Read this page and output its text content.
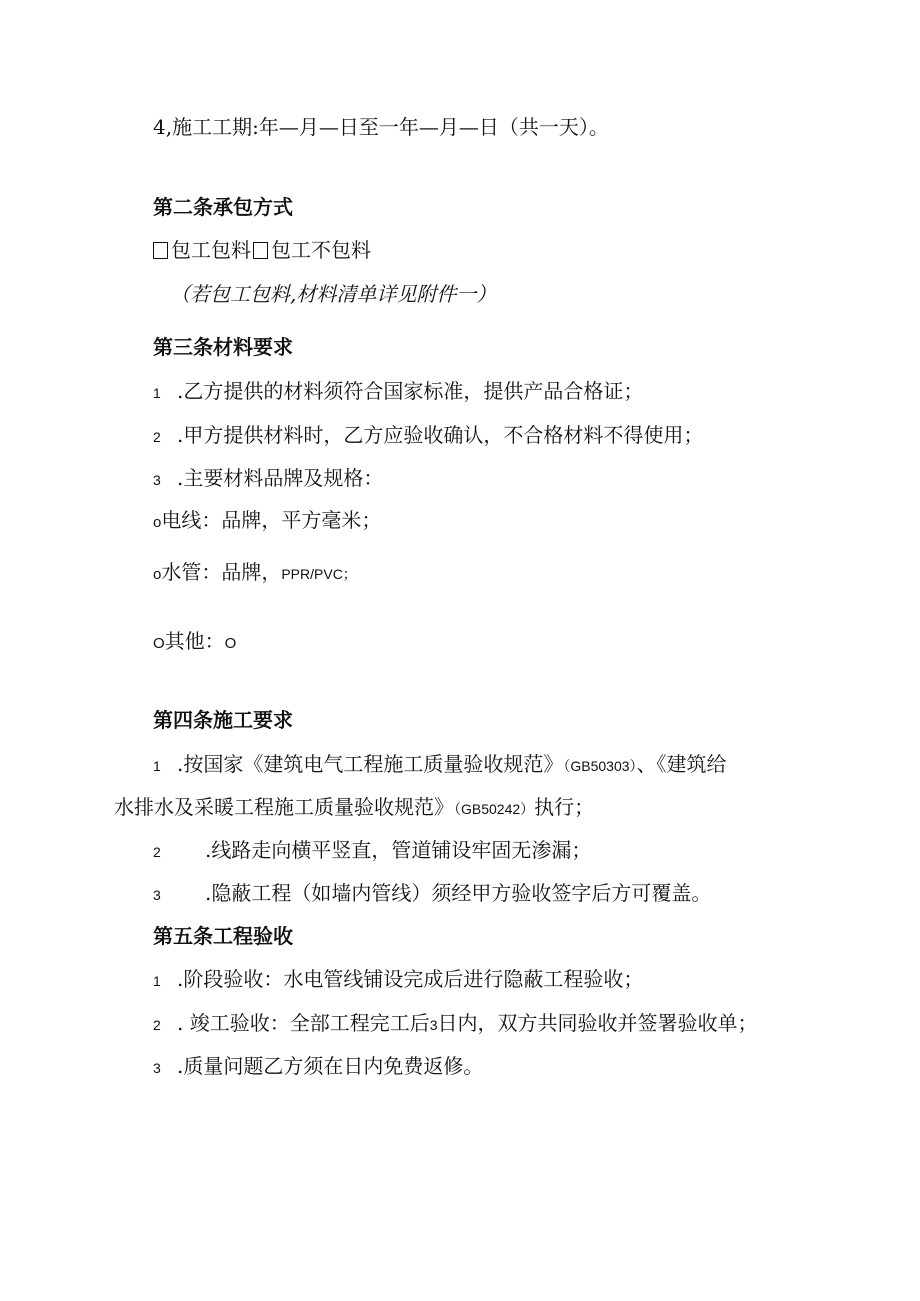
4,施工工期:年—月—日至一年—月—日（共一天）。
第二条承包方式
包工包料 包工不包料
（若包工包料,材料清单详见附件一）
第三条材料要求
1 .乙方提供的材料须符合国家标准，提供产品合格证；
2 .甲方提供材料时，乙方应验收确认，不合格材料不得使用；
3 .主要材料品牌及规格：
o电线：品牌，平方毫米；
o水管：品牌，PPR/PVC；
O其他：O
第四条施工要求
1 .按国家《建筑电气工程施工质量验收规范》（GB50303）、《建筑给
水排水及采暖工程施工质量验收规范》（GB50242）执行；
2 .线路走向横平竖直，管道铺设牢固无渗漏；
3 .隐蔽工程（如墙内管线）须经甲方验收签字后方可覆盖。
第五条工程验收
1 .阶段验收：水电管线铺设完成后进行隐蔽工程验收；
2 . 竣工验收：全部工程完工后3日内，双方共同验收并签署验收单；
3 .质量问题乙方须在日内免费返修。
